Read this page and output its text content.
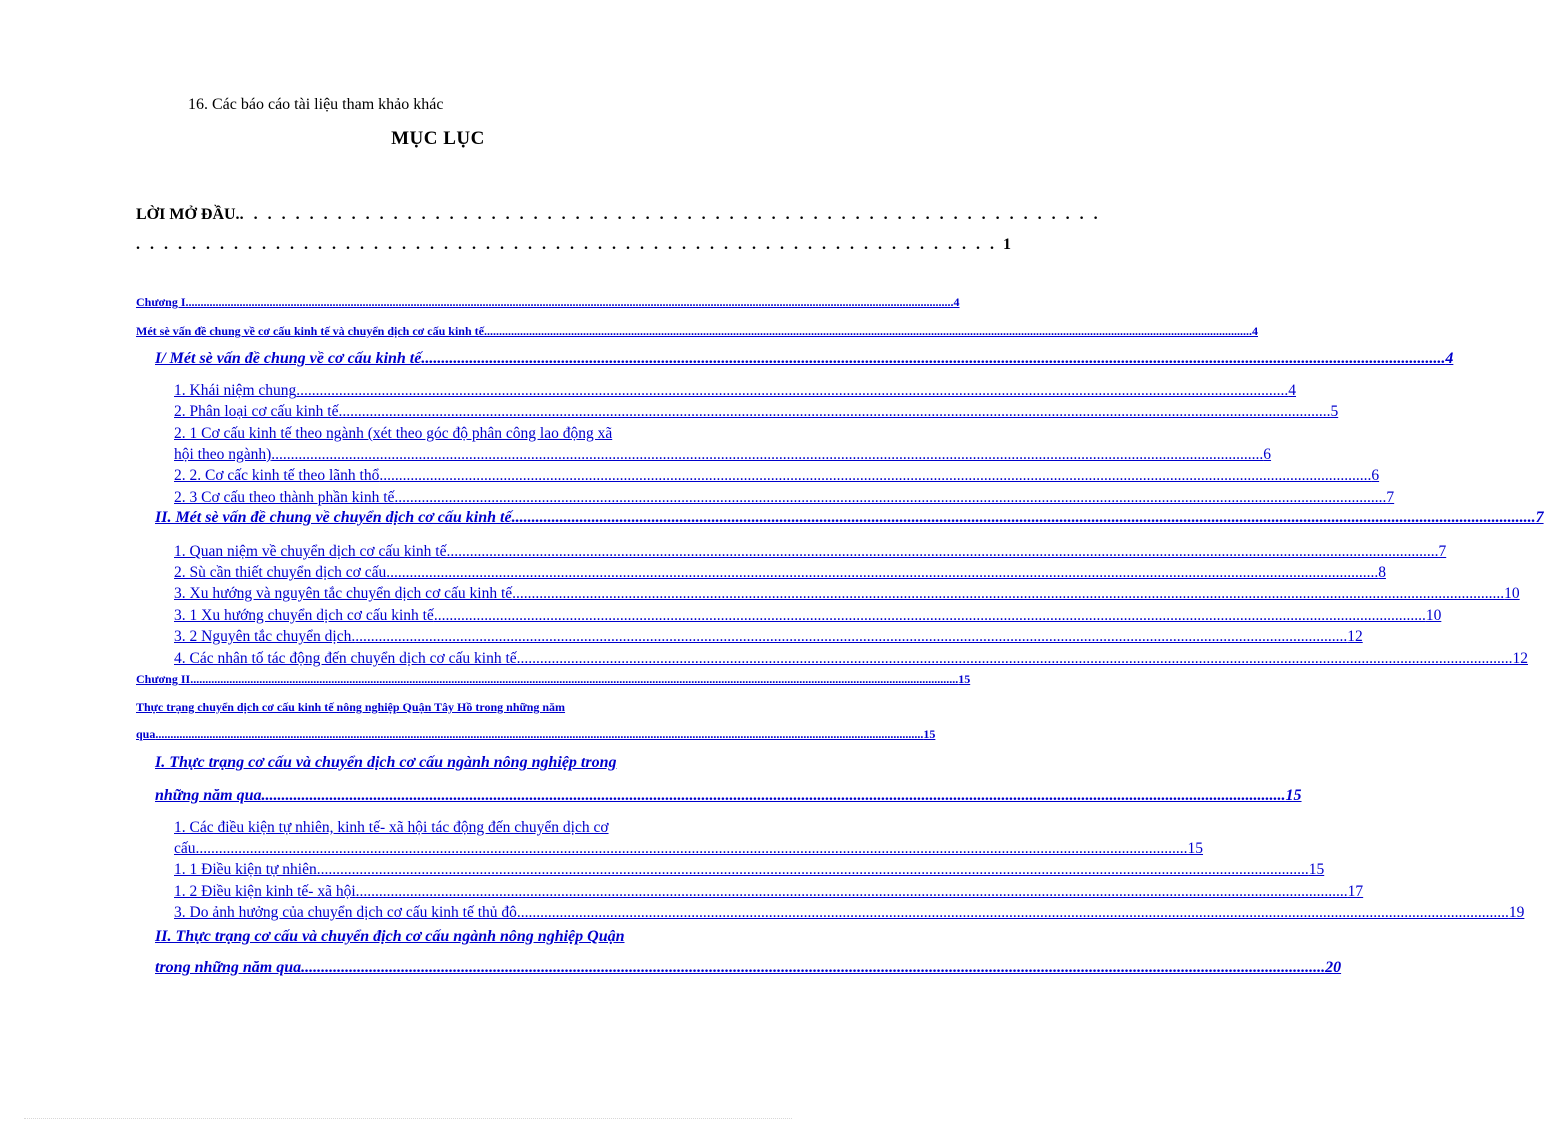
16. Các báo cáo tài liệu tham khảo khác
MỤC LỤC
LỜI MỞ ĐẦU. . . . . . . . . . . . . . . . . . . . . . . . . . . . . . . . . . . . . . . . . . . . . . . . . . . . . . . . . . . . . . .
. . . . . . . . . . . . . . . . . . . . . . . . . . . . . . . . . . . . . . . . . . . . . . . . . . . . . . . . . . . . . . 1
Chương I .....	4
Mét sè vấn đề chung về cơ cấu kinh tế và chuyển dịch cơ cấu kinh tế .....	4
I/ Mét sè vấn đề chung về cơ cấu kinh tế .....	4
1. Khái niệm chung .....	4
2. Phân loại cơ cấu kinh tế .....	5
2. 1 Cơ cấu kinh tế theo ngành (xét theo góc độ phân công lao động xã
hội theo ngành) .....	6
2. 2. Cơ cấc kinh tế theo lãnh thổ .....	6
2. 3 Cơ cấu theo thành phần kinh tế .....	7
II. Mét sè vấn đề chung về chuyển dịch cơ cấu kinh tế .....	7
1. Quan niệm về chuyển dịch cơ cấu kinh tế .....	7
2. Sù cần thiết chuyển dịch cơ cấu .....	8
3. Xu hướng và nguyên tắc chuyển dịch cơ cấu kinh tế .....	10
3. 1 Xu hướng chuyển dịch cơ cấu kinh tế .....	10
3. 2 Nguyên tắc chuyển dịch. .....	12
4. Các nhân tố tác động đến chuyển dịch cơ cấu kinh tế. .....	12
Chương II .....	15
Thực trạng chuyển dịch cơ cấu kinh tế nông nghiệp Quận Tây Hồ trong những năm
qua .....	15
I. Thực trạng cơ cấu và chuyển dịch cơ cấu ngành nông nghiệp trong
những năm qua .....	15
1. Các điều kiện tự nhiên, kinh tế- xã hội tác động đến chuyển dịch cơ
cấu .....	15
1. 1 Điều kiện tự nhiên .....	15
1. 2 Điều kiện kinh tế- xã hội .....	17
3. Do ảnh hưởng của chuyển dịch cơ cấu kinh tế thủ đô .....	19
II. Thực trạng cơ cấu và chuyển địch cơ cấu ngành nông nghiệp Quận
trong những năm qua .....	20
